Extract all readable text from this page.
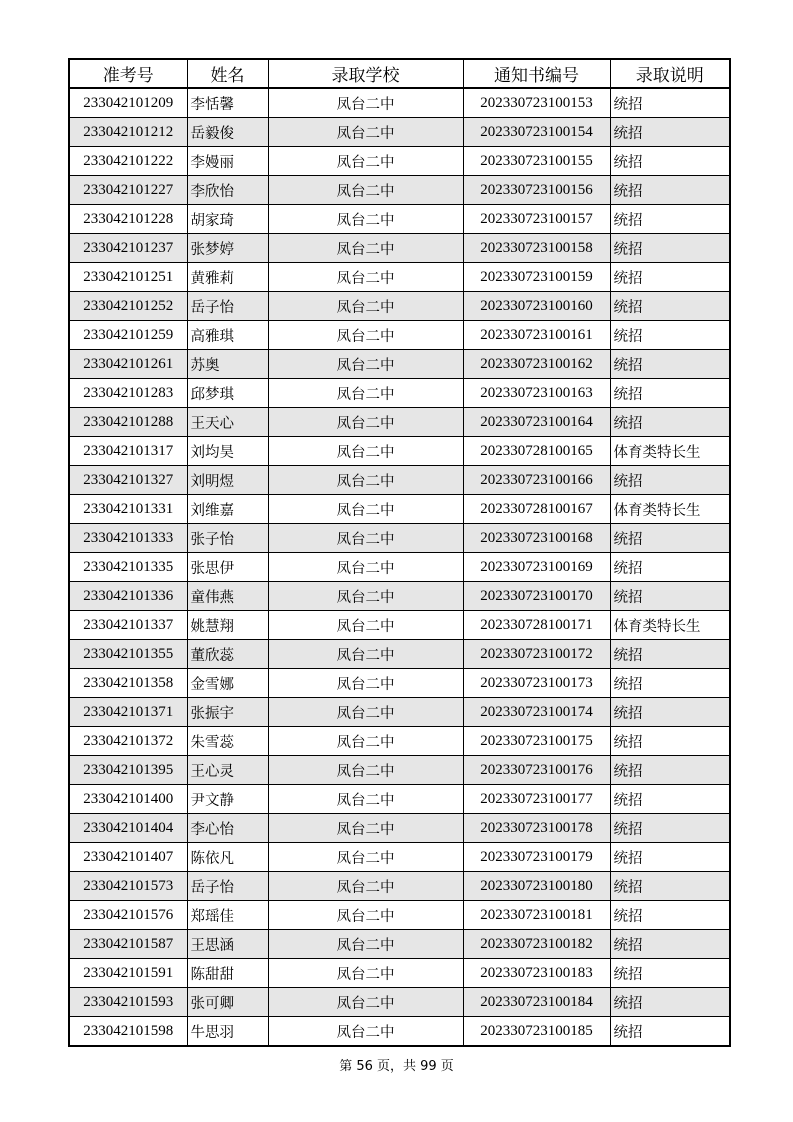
准考号	姓名	录取学校	通知书编号	录取说明
233042101209	李恬馨	凤台二中	202330723100153	统招
233042101212	岳毅俊	凤台二中	202330723100154	统招
233042101222	李嫚丽	凤台二中	202330723100155	统招
233042101227	李欣怡	凤台二中	202330723100156	统招
233042101228	胡家琦	凤台二中	202330723100157	统招
233042101237	张梦婷	凤台二中	202330723100158	统招
233042101251	黄雅莉	凤台二中	202330723100159	统招
233042101252	岳子怡	凤台二中	202330723100160	统招
233042101259	高雅琪	凤台二中	202330723100161	统招
233042101261	苏奥	凤台二中	202330723100162	统招
233042101283	邱梦琪	凤台二中	202330723100163	统招
233042101288	王天心	凤台二中	202330723100164	统招
233042101317	刘均昊	凤台二中	202330728100165	体育类特长生
233042101327	刘明煜	凤台二中	202330723100166	统招
233042101331	刘维嘉	凤台二中	202330728100167	体育类特长生
233042101333	张子怡	凤台二中	202330723100168	统招
233042101335	张思伊	凤台二中	202330723100169	统招
233042101336	童伟燕	凤台二中	202330723100170	统招
233042101337	姚慧翔	凤台二中	202330728100171	体育类特长生
233042101355	董欣蕊	凤台二中	202330723100172	统招
233042101358	金雪娜	凤台二中	202330723100173	统招
233042101371	张振宇	凤台二中	202330723100174	统招
233042101372	朱雪蕊	凤台二中	202330723100175	统招
233042101395	王心灵	凤台二中	202330723100176	统招
233042101400	尹文静	凤台二中	202330723100177	统招
233042101404	李心怡	凤台二中	202330723100178	统招
233042101407	陈依凡	凤台二中	202330723100179	统招
233042101573	岳子怡	凤台二中	202330723100180	统招
233042101576	郑瑶佳	凤台二中	202330723100181	统招
233042101587	王思涵	凤台二中	202330723100182	统招
233042101591	陈甜甜	凤台二中	202330723100183	统招
233042101593	张可卿	凤台二中	202330723100184	统招
233042101598	牛思羽	凤台二中	202330723100185	统招
第 56 页，共 99 页
